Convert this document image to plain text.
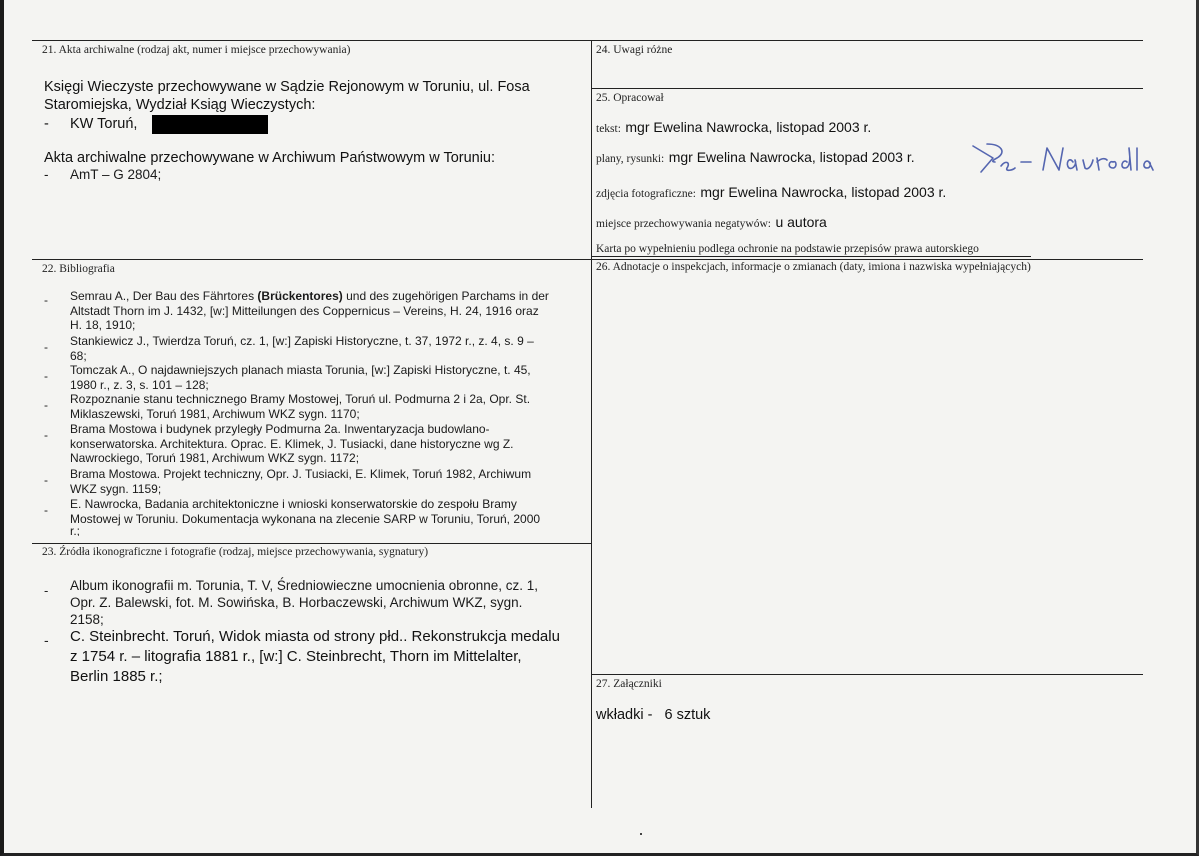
21. Akta archiwalne (rodzaj akt, numer i miejsce przechowywania)
Księgi Wieczyste przechowywane w Sądzie Rejonowym w Toruniu, ul. Fosa
Staromiejska, Wydział Ksiąg Wieczystych:
- KW Toruń,
Akta archiwalne przechowywane w Archiwum Państwowym w Toruniu:
- AmT – G 2804;
22. Bibliografia
- Semrau A., Der Bau des Fährtores (Brückentores) und des zugehörigen Parchams in der
Altstadt Thorn im J. 1432, [w:] Mitteilungen des Coppernicus – Vereins, H. 24, 1916 oraz
H. 18, 1910;
- Stankiewicz J., Twierdza Toruń, cz. 1, [w:] Zapiski Historyczne, t. 37, 1972 r., z. 4, s. 9 –
68;
- Tomczak A., O najdawniejszych planach miasta Torunia, [w:] Zapiski Historyczne, t. 45,
1980 r., z. 3, s. 101 – 128;
- Rozpoznanie stanu technicznego Bramy Mostowej, Toruń ul. Podmurna 2 i 2a, Opr. St.
Miklaszewski, Toruń 1981, Archiwum WKZ sygn. 1170;
- Brama Mostowa i budynek przyległy Podmurna 2a. Inwentaryzacja budowlano-
konserwatorska. Architektura. Oprac. E. Klimek, J. Tusiacki, dane historyczne wg Z.
Nawrockiego, Toruń 1981, Archiwum WKZ sygn. 1172;
- Brama Mostowa. Projekt techniczny, Opr. J. Tusiacki, E. Klimek, Toruń 1982, Archiwum
WKZ sygn. 1159;
- E. Nawrocka, Badania architektoniczne i wnioski konserwatorskie do zespołu Bramy
Mostowej w Toruniu. Dokumentacja wykonana na zlecenie SARP w Toruniu, Toruń, 2000
r.;
23. Źródła ikonograficzne i fotografie (rodzaj, miejsce przechowywania, sygnatury)
- Album ikonografii m. Torunia, T. V, Średniowieczne umocnienia obronne, cz. 1,
Opr. Z. Balewski, fot. M. Sowińska, B. Horbaczewski, Archiwum WKZ, sygn.
2158;
- C. Steinbrecht. Toruń, Widok miasta od strony płd.. Rekonstrukcja medalu
z 1754 r. – litografia 1881 r., [w:] C. Steinbrecht, Thorn im Mittelalter,
Berlin 1885 r.;
24. Uwagi różne
25. Opracował
tekst: mgr Ewelina Nawrocka, listopad 2003 r.
plany, rysunki: mgr Ewelina Nawrocka, listopad 2003 r.
zdjęcia fotograficzne: mgr Ewelina Nawrocka, listopad 2003 r.
miejsce przechowywania negatywów: u autora
Karta po wypełnieniu podlega ochronie na podstawie przepisów prawa autorskiego
26. Adnotacje o inspekcjach, informacje o zmianach (daty, imiona i nazwiska wypełniających)
27. Załączniki
wkładki -   6 sztuk
